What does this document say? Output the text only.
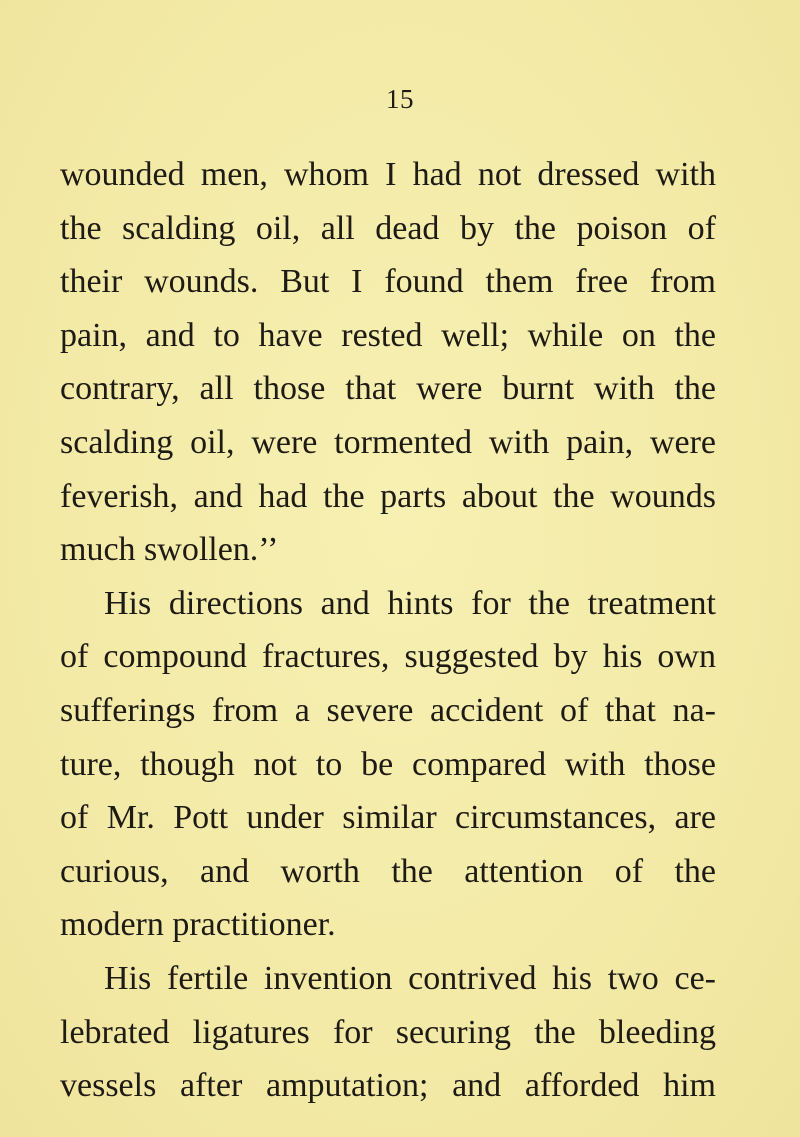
15
wounded men, whom I had not dressed with
the scalding oil, all dead by the poison of
their wounds. But I found them free from
pain, and to have rested well; while on the
contrary, all those that were burnt with the
scalding oil, were tormented with pain, were
feverish, and had the parts about the wounds
much swollen.’’
His directions and hints for the treatment
of compound fractures, suggested by his own
sufferings from a severe accident of that na-
ture, though not to be compared with those
of Mr. Pott under similar circumstances, are
curious, and worth the attention of the
modern practitioner.
His fertile invention contrived his two ce-
lebrated ligatures for securing the bleeding
vessels after amputation; and afforded him
